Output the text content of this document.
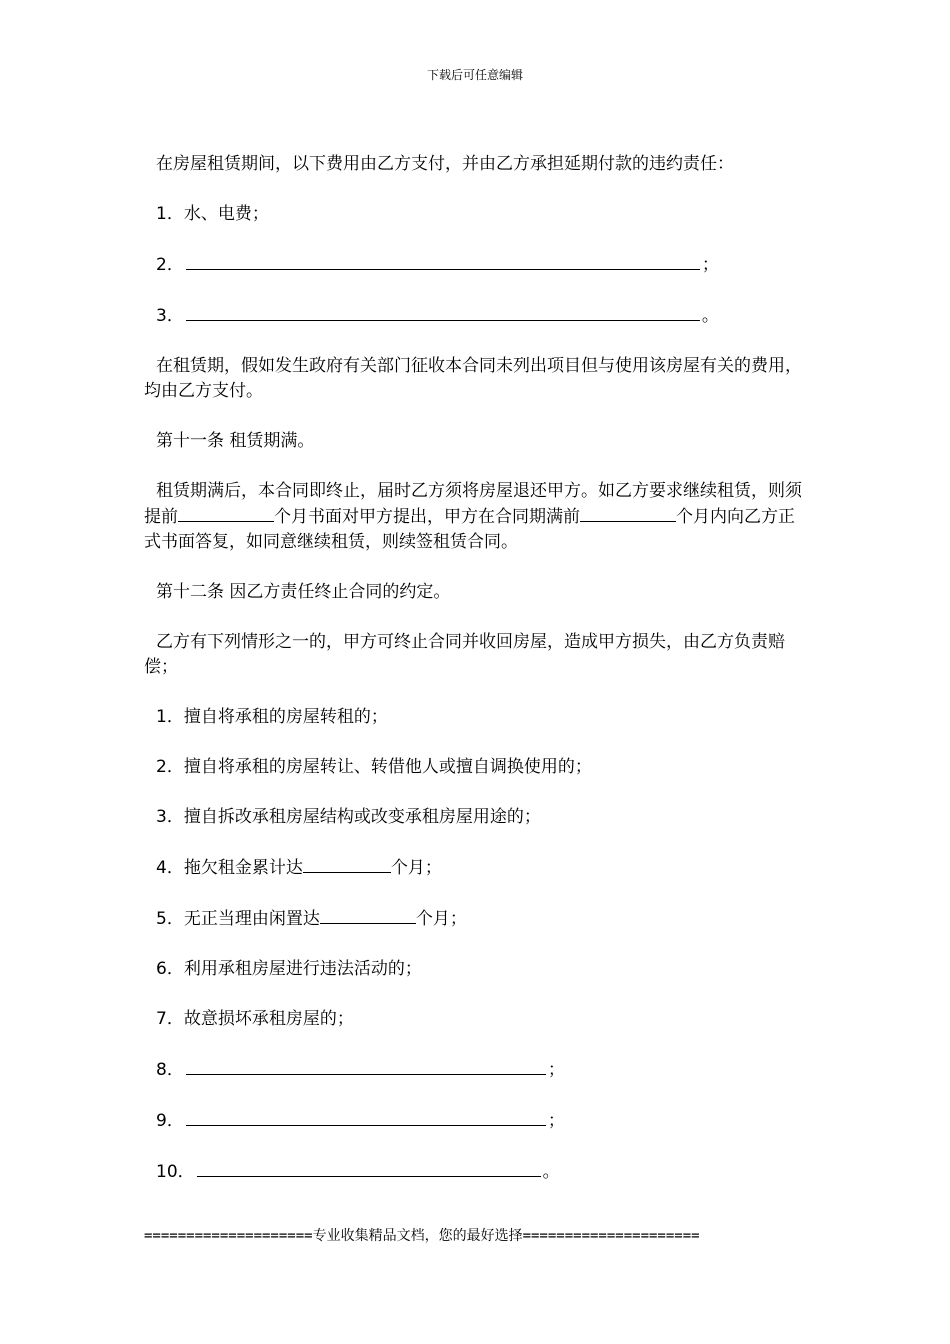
下载后可任意编辑

在房屋租赁期间，以下费用由乙方支付，并由乙方承担延期付款的违约责任：

1．水、电费；

2．	；

3．	。

在租赁期，假如发生政府有关部门征收本合同未列出项目但与使用该房屋有关的费用，均由乙方支付。

第十一条 租赁期满。

租赁期满后，本合同即终止，届时乙方须将房屋退还甲方。如乙方要求继续租赁，则须提前	个月书面对甲方提出，甲方在合同期满前	个月内向乙方正式书面答复，如同意继续租赁，则续签租赁合同。

第十二条 因乙方责任终止合同的约定。

乙方有下列情形之一的，甲方可终止合同并收回房屋，造成甲方损失，由乙方负责赔偿；

1．擅自将承租的房屋转租的；

2．擅自将承租的房屋转让、转借他人或擅自调换使用的；

3．擅自拆改承租房屋结构或改变承租房屋用途的；

4．拖欠租金累计达	个月；

5．无正当理由闲置达	个月；

6．利用承租房屋进行违法活动的；

7．故意损坏承租房屋的；

8．	；

9．	；

10．	。

====================专业收集精品文档，您的最好选择=====================
